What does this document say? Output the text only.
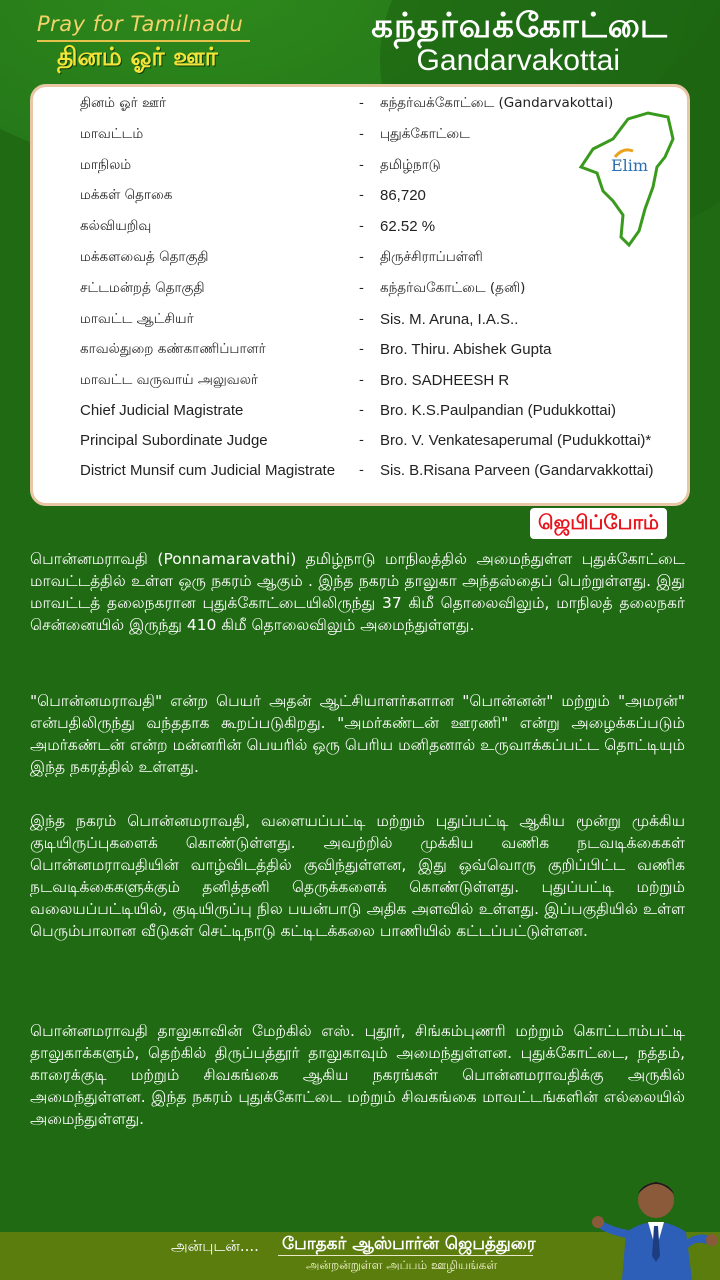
Pray for Tamilnadu
தினம் ஓர் ஊர்
கந்தர்வக்கோட்டை
Gandarvakottai
Elim
தினம் ஓர் ஊர்	- கந்தர்வக்கோட்டை (Gandarvakottai)
மாவட்டம்	- புதுக்கோட்டை
மாநிலம்	- தமிழ்நாடு
மக்கள் தொகை	- 86,720
கல்வியறிவு	- 62.52 %
மக்களவைத் தொகுதி	- திருச்சிராப்பள்ளி
சட்டமன்றத் தொகுதி	- கந்தர்வகோட்டை (தனி)
மாவட்ட ஆட்சியர்	- Sis. M. Aruna, I.A.S..
காவல்துறை கண்காணிப்பாளர்	- Bro. Thiru. Abishek Gupta
மாவட்ட வருவாய் அலுவலர்	- Bro. SADHEESH R
Chief Judicial Magistrate	- Bro. K.S.Paulpandian (Pudukkottai)
Principal Subordinate Judge	- Bro. V. Venkatesaperumal (Pudukkottai)*
District Munsif cum Judicial Magistrate - Sis. B.Risana Parveen (Gandarvakkottai)
ஜெபிப்போம்
பொன்னமராவதி (Ponnamaravathi) தமிழ்நாடு மாநிலத்தில் அமைந்துள்ள புதுக்கோட்டை மாவட்டத்தில் உள்ள ஒரு நகரம் ஆகும் . இந்த நகரம் தாலுகா அந்தஸ்தைப் பெற்றுள்ளது. இது மாவட்டத் தலைநகரான புதுக்கோட்டையிலிருந்து 37 கிமீ தொலைவிலும், மாநிலத் தலைநகர் சென்னையில் இருந்து 410 கிமீ தொலைவிலும் அமைந்துள்ளது.
"பொன்னமராவதி" என்ற பெயர் அதன் ஆட்சியாளர்களான "பொன்னன்" மற்றும் "அமரன்" என்பதிலிருந்து வந்ததாக கூறப்படுகிறது. "அமர்கண்டன் ஊரணி" என்று அழைக்கப்படும் அமர்கண்டன் என்ற மன்னரின் பெயரில் ஒரு பெரிய மனிதனால் உருவாக்கப்பட்ட தொட்டியும் இந்த நகரத்தில் உள்ளது.
இந்த நகரம் பொன்னமராவதி, வளையப்பட்டி மற்றும் புதுப்பட்டி ஆகிய மூன்று முக்கிய குடியிருப்புகளைக் கொண்டுள்ளது. அவற்றில் முக்கிய வணிக நடவடிக்கைகள் பொன்னமராவதியின் வாழ்விடத்தில் குவிந்துள்ளன, இது ஒவ்வொரு குறிப்பிட்ட வணிக நடவடிக்கைகளுக்கும் தனித்தனி தெருக்களைக் கொண்டுள்ளது. புதுப்பட்டி மற்றும் வலையப்பட்டியில், குடியிருப்பு நில பயன்பாடு அதிக அளவில் உள்ளது. இப்பகுதியில் உள்ள பெரும்பாலான வீடுகள் செட்டிநாடு கட்டிடக்கலை பாணியில் கட்டப்பட்டுள்ளன.
பொன்னமராவதி தாலுகாவின் மேற்கில் எஸ். புதூர், சிங்கம்புணரி மற்றும் கொட்டாம்பட்டி தாலுகாக்களும், தெற்கில் திருப்பத்தூர் தாலுகாவும் அமைந்துள்ளன. புதுக்கோட்டை, நத்தம், காரைக்குடி மற்றும் சிவகங்கை ஆகிய நகரங்கள் பொன்னமராவதிக்கு அருகில் அமைந்துள்ளன. இந்த நகரம் புதுக்கோட்டை மற்றும் சிவகங்கை மாவட்டங்களின் எல்லையில் அமைந்துள்ளது.
அன்புடன்.... போதகர் ஆஸ்பார்ன் ஜெபத்துரை
அன்றன்றுள்ள அப்பம் ஊழியங்கள்
